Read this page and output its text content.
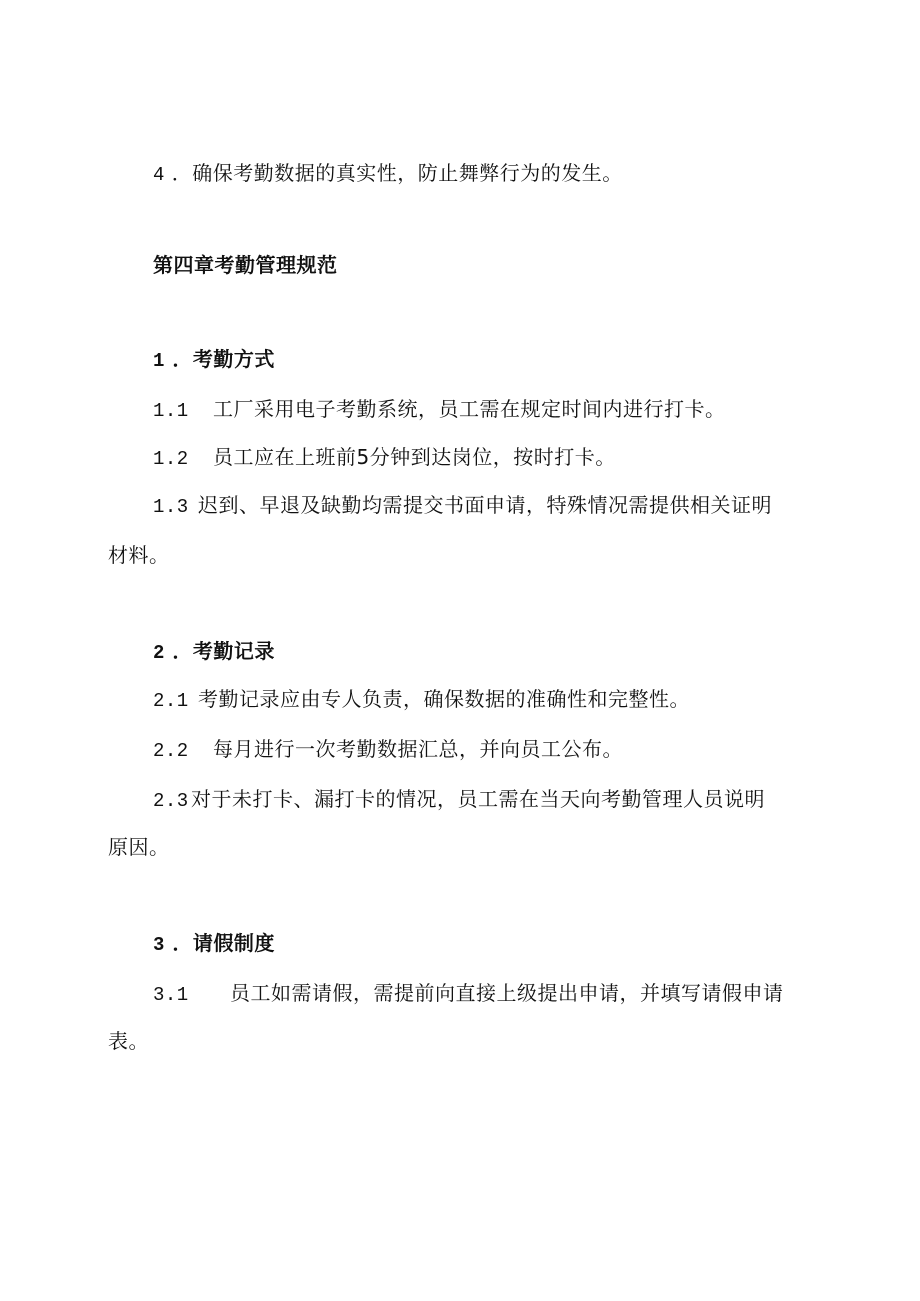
4 ．确保考勤数据的真实性，防止舞弊行为的发生。
第四章考勤管理规范
1 ．考勤方式
1.1 工厂采用电子考勤系统，员工需在规定时间内进行打卡。
1.2 员工应在上班前5分钟到达岗位，按时打卡。
1.3 迟到、早退及缺勤均需提交书面申请，特殊情况需提供相关证明
材料。
2 ．考勤记录
2.1 考勤记录应由专人负责，确保数据的准确性和完整性。
2.2 每月进行一次考勤数据汇总，并向员工公布。
2.3 对于未打卡、漏打卡的情况，员工需在当天向考勤管理人员说明
原因。
3 ．请假制度
3.1 员工如需请假，需提前向直接上级提出申请，并填写请假申请
表。
